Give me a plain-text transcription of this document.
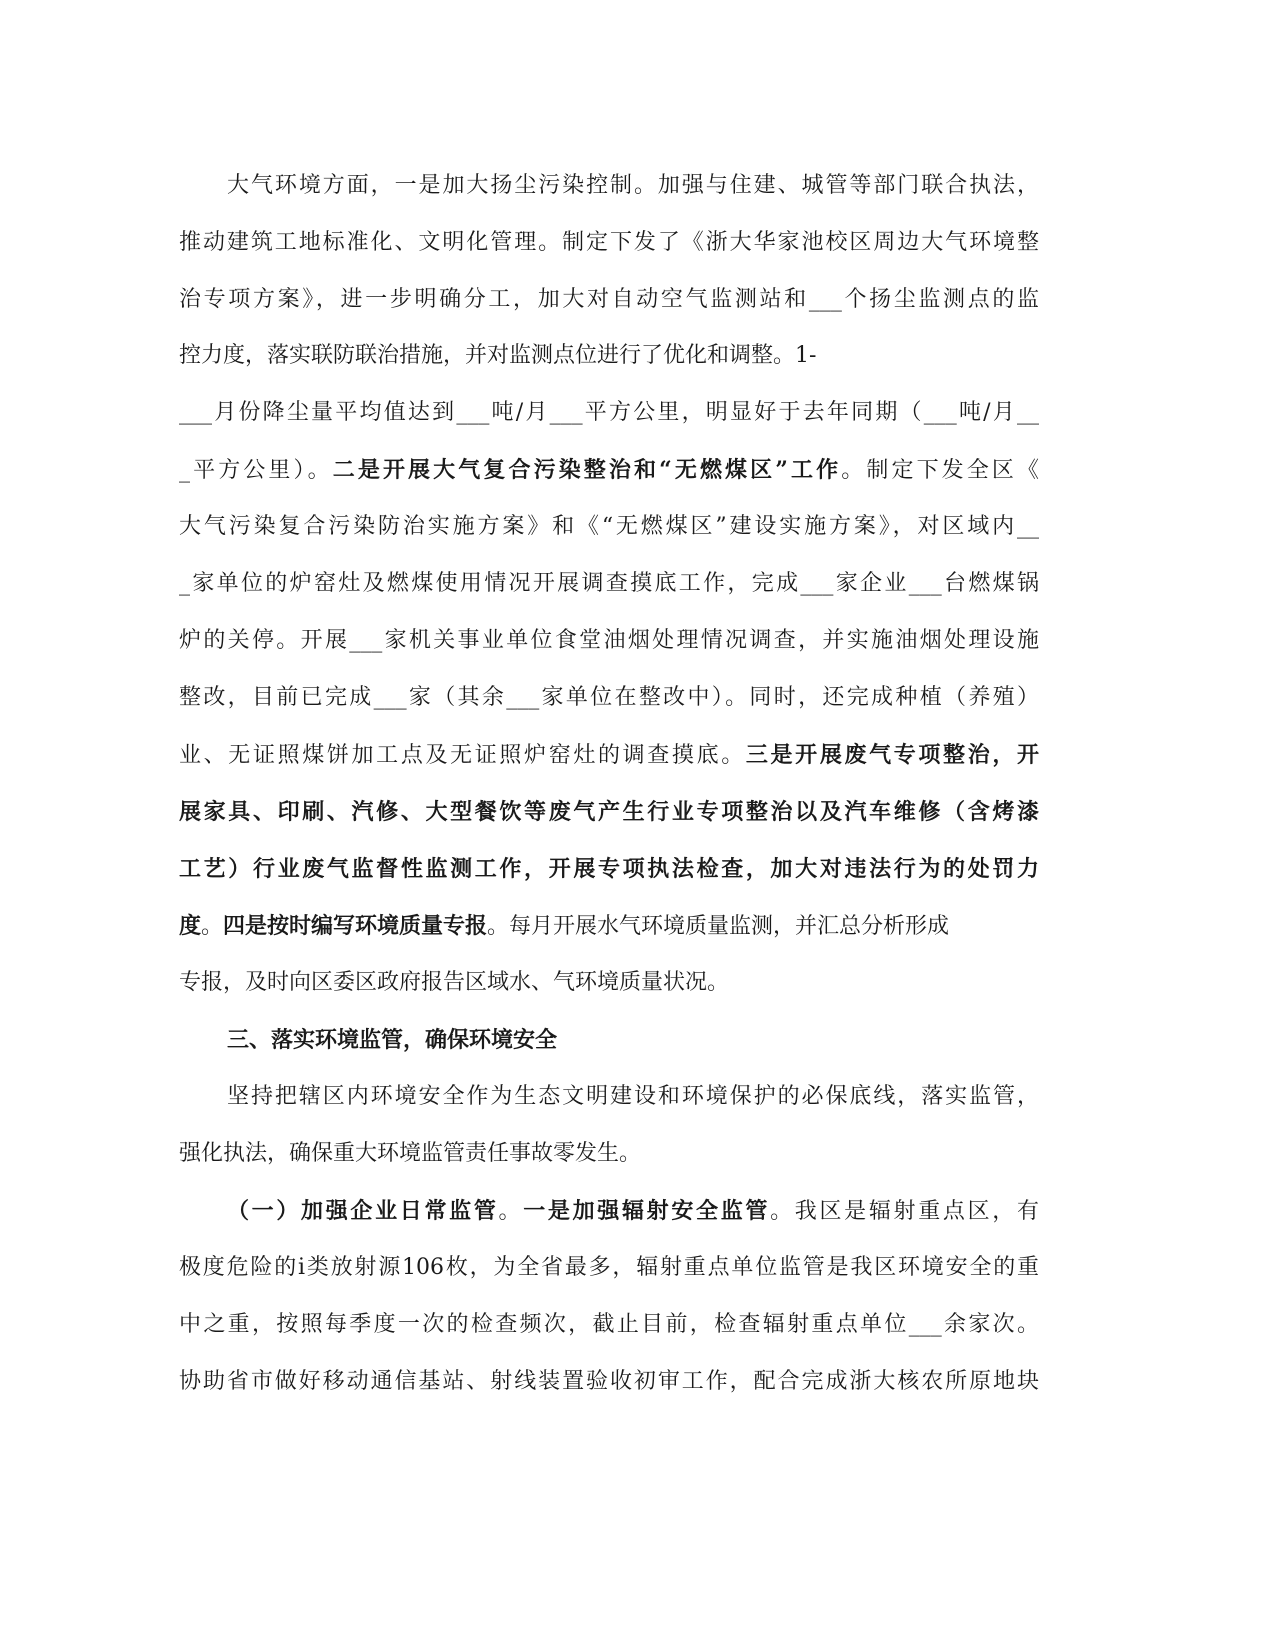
大气环境方面，一是加大扬尘污染控制。加强与住建、城管等部门联合执法，
推动建筑工地标准化、文明化管理。制定下发了《浙大华家池校区周边大气环境整
治专项方案》，进一步明确分工，加大对自动空气监测站和___个扬尘监测点的监
控力度，落实联防联治措施，并对监测点位进行了优化和调整。1-
___月份降尘量平均值达到___吨/月___平方公里，明显好于去年同期（___吨/月__
_平方公里）。二是开展大气复合污染整治和“无燃煤区”工作。制定下发全区《
大气污染复合污染防治实施方案》和《“无燃煤区”建设实施方案》，对区域内__
_家单位的炉窑灶及燃煤使用情况开展调查摸底工作，完成___家企业___台燃煤锅
炉的关停。开展___家机关事业单位食堂油烟处理情况调查，并实施油烟处理设施
整改，目前已完成___家（其余___家单位在整改中）。同时，还完成种植（养殖）
业、无证照煤饼加工点及无证照炉窑灶的调查摸底。三是开展废气专项整治，开
展家具、印刷、汽修、大型餐饮等废气产生行业专项整治以及汽车维修（含烤漆
工艺）行业废气监督性监测工作，开展专项执法检查，加大对违法行为的处罚力
度。四是按时编写环境质量专报。每月开展水气环境质量监测，并汇总分析形成
专报，及时向区委区政府报告区域水、气环境质量状况。
三、落实环境监管，确保环境安全
坚持把辖区内环境安全作为生态文明建设和环境保护的必保底线，落实监管，
强化执法，确保重大环境监管责任事故零发生。
（一）加强企业日常监管。一是加强辐射安全监管。我区是辐射重点区，有
极度危险的i类放射源106枚，为全省最多，辐射重点单位监管是我区环境安全的重
中之重，按照每季度一次的检查频次，截止目前，检查辐射重点单位___余家次。
协助省市做好移动通信基站、射线装置验收初审工作，配合完成浙大核农所原地块
